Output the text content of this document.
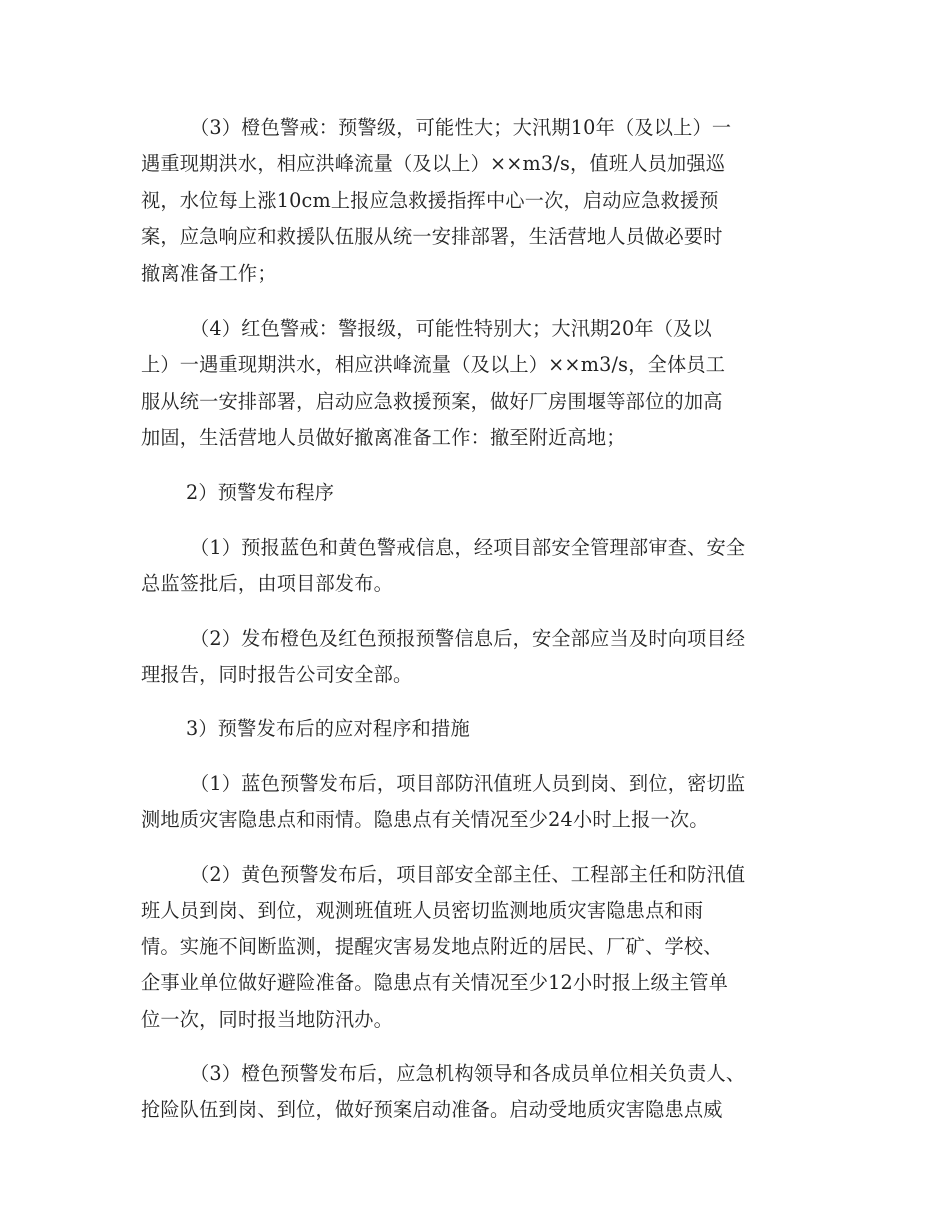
（3）橙色警戒：预警级，可能性大；大汛期10年（及以上）一
遇重现期洪水，相应洪峰流量（及以上）××m3/s，值班人员加强巡
视，水位每上涨10cm上报应急救援指挥中心一次，启动应急救援预
案，应急响应和救援队伍服从统一安排部署，生活营地人员做必要时
撤离准备工作；
（4）红色警戒：警报级，可能性特别大；大汛期20年（及以
上）一遇重现期洪水，相应洪峰流量（及以上）××m3/s，全体员工
服从统一安排部署，启动应急救援预案，做好厂房围堰等部位的加高
加固，生活营地人员做好撤离准备工作：撤至附近高地；
2）预警发布程序
（1）预报蓝色和黄色警戒信息，经项目部安全管理部审查、安全
总监签批后，由项目部发布。
（2）发布橙色及红色预报预警信息后，安全部应当及时向项目经
理报告，同时报告公司安全部。
3）预警发布后的应对程序和措施
（1）蓝色预警发布后，项目部防汛值班人员到岗、到位，密切监
测地质灾害隐患点和雨情。隐患点有关情况至少24小时上报一次。
（2）黄色预警发布后，项目部安全部主任、工程部主任和防汛值
班人员到岗、到位，观测班值班人员密切监测地质灾害隐患点和雨
情。实施不间断监测，提醒灾害易发地点附近的居民、厂矿、学校、
企事业单位做好避险准备。隐患点有关情况至少12小时报上级主管单
位一次，同时报当地防汛办。
（3）橙色预警发布后，应急机构领导和各成员单位相关负责人、
抢险队伍到岗、到位，做好预案启动准备。启动受地质灾害隐患点威
